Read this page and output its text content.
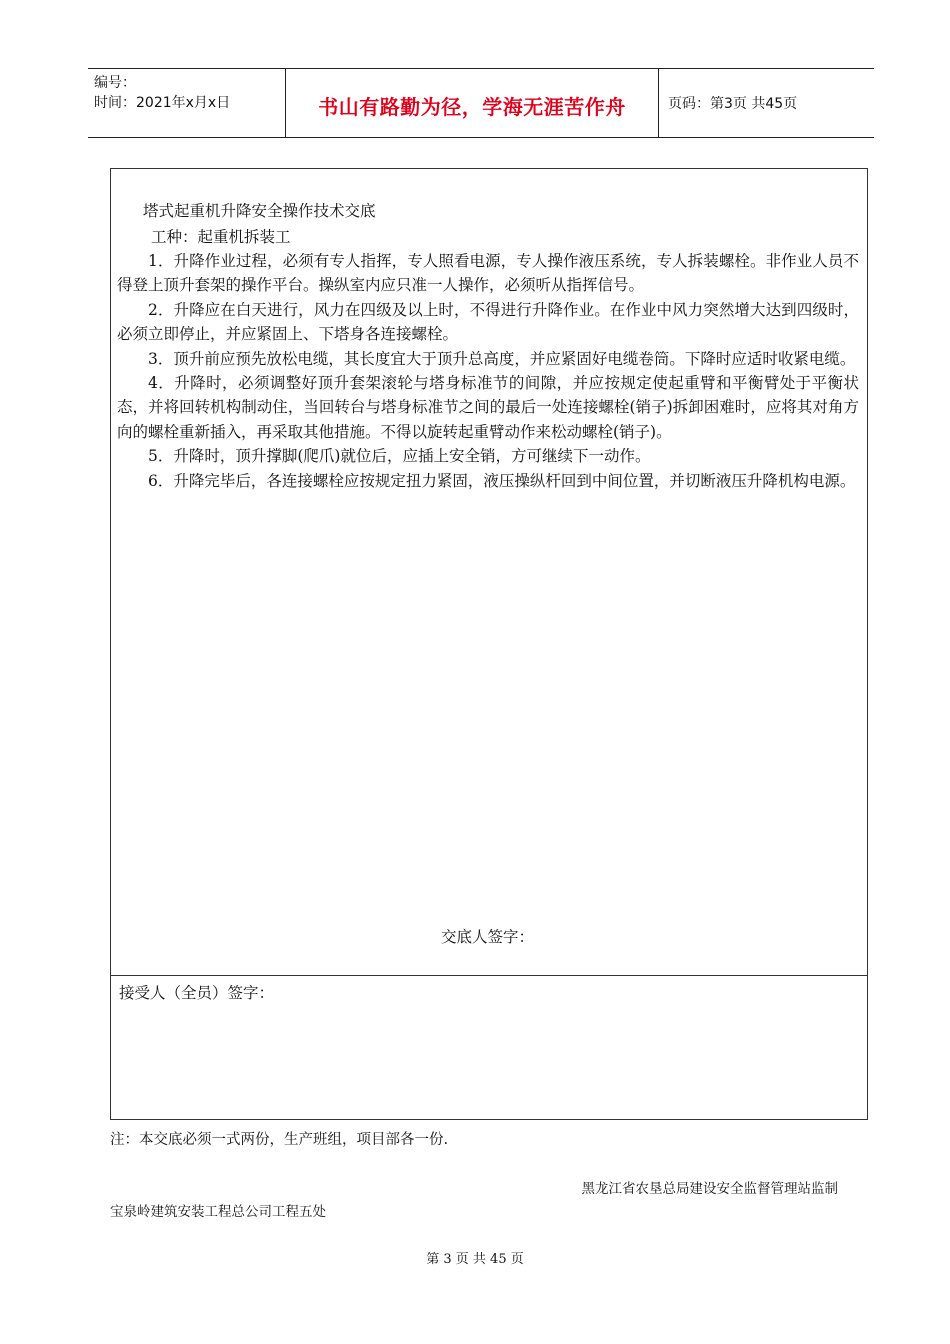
编号：
时间：2021年x月x日	书山有路勤为径，学海无涯苦作舟	页码：第3页 共45页
塔式起重机升降安全操作技术交底
工种：起重机拆装工

1．升降作业过程，必须有专人指挥，专人照看电源，专人操作液压系统，专人拆装螺栓。非作业人员不得登上顶升套架的操作平台。操纵室内应只准一人操作，必须听从指挥信号。

2．升降应在白天进行，风力在四级及以上时，不得进行升降作业。在作业中风力突然增大达到四级时，必须立即停止，并应紧固上、下塔身各连接螺栓。

3．顶升前应预先放松电缆，其长度宜大于顶升总高度，并应紧固好电缆卷筒。下降时应适时收紧电缆。

4．升降时，必须调整好顶升套架滚轮与塔身标准节的间隙，并应按规定使起重臂和平衡臂处于平衡状态，并将回转机构制动住，当回转台与塔身标准节之间的最后一处连接螺栓(销子)拆卸困难时，应将其对角方向的螺栓重新插入，再采取其他措施。不得以旋转起重臂动作来松动螺栓(销子)。

5．升降时，顶升撑脚(爬爪)就位后，应插上安全销，方可继续下一动作。

6．升降完毕后，各连接螺栓应按规定扭力紧固，液压操纵杆回到中间位置，并切断液压升降机构电源。

交底人签字：
接受人（全员）签字：
注：本交底必须一式两份，生产班组，项目部各一份.
黑龙江省农垦总局建设安全监督管理站监制
宝泉岭建筑安装工程总公司工程五处
第 3 页 共 45 页
